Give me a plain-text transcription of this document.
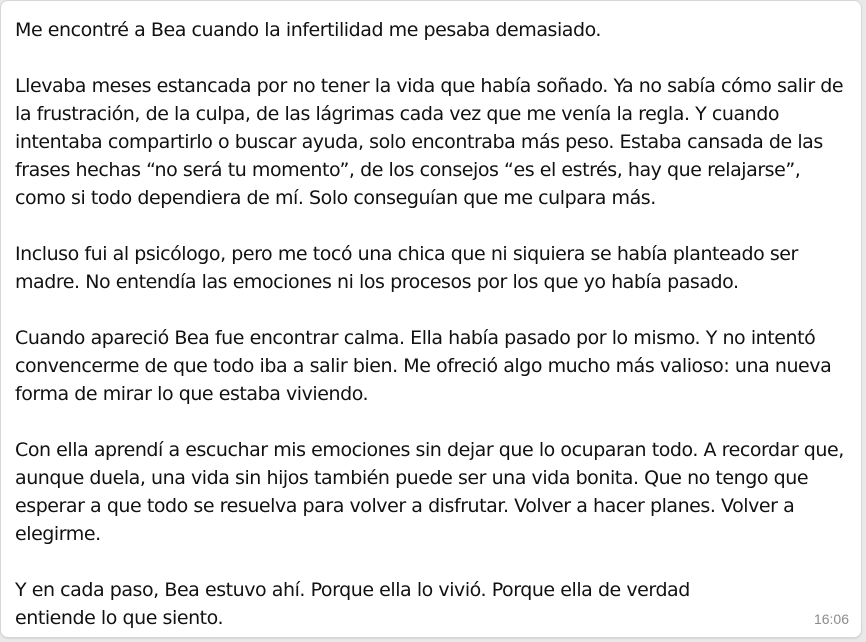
Me encontré a Bea cuando la infertilidad me pesaba demasiado.

Llevaba meses estancada por no tener la vida que había soñado. Ya no sabía cómo salir de la frustración, de la culpa, de las lágrimas cada vez que me venía la regla. Y cuando intentaba compartirlo o buscar ayuda, solo encontraba más peso. Estaba cansada de las frases hechas “no será tu momento”, de los consejos “es el estrés, hay que relajarse”, como si todo dependiera de mí. Solo conseguían que me culpara más.

Incluso fui al psicólogo, pero me tocó una chica que ni siquiera se había planteado ser madre. No entendía las emociones ni los procesos por los que yo había pasado.

Cuando apareció Bea fue encontrar calma. Ella había pasado por lo mismo. Y no intentó convencerme de que todo iba a salir bien. Me ofreció algo mucho más valioso: una nueva forma de mirar lo que estaba viviendo.

Con ella aprendí a escuchar mis emociones sin dejar que lo ocuparan todo. A recordar que, aunque duela, una vida sin hijos también puede ser una vida bonita. Que no tengo que esperar a que todo se resuelva para volver a disfrutar. Volver a hacer planes. Volver a elegirme.

Y en cada paso, Bea estuvo ahí. Porque ella lo vivió. Porque ella de verdad
entiende lo que siento.	16:06
